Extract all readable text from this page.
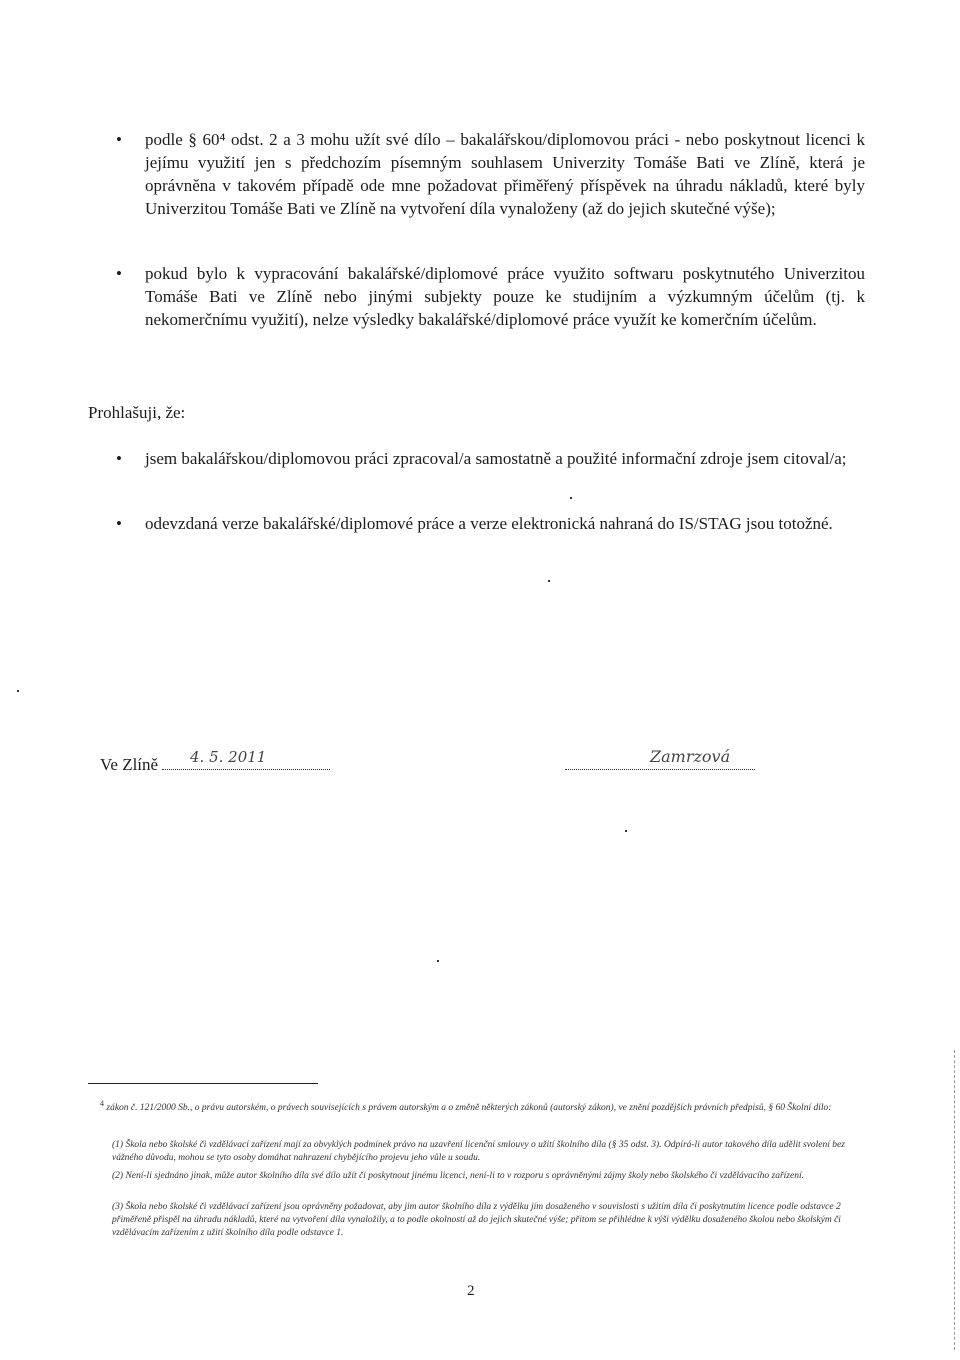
• podle § 60⁴ odst. 2 a 3 mohu užít své dílo – bakalářskou/diplomovou práci - nebo poskytnout licenci k jejímu využití jen s předchozím písemným souhlasem Univerzity Tomáše Bati ve Zlíně, která je oprávněna v takovém případě ode mne požadovat přiměřený příspěvek na úhradu nákladů, které byly Univerzitou Tomáše Bati ve Zlíně na vytvoření díla vynaloženy (až do jejich skutečné výše);
• pokud bylo k vypracování bakalářské/diplomové práce využito softwaru poskytnutého Univerzitou Tomáše Bati ve Zlíně nebo jinými subjekty pouze ke studijním a výzkumným účelům (tj. k nekomerčnímu využití), nelze výsledky bakalářské/diplomové práce využít ke komerčním účelům.
Prohlašuji, že:
• jsem bakalářskou/diplomovou práci zpracoval/a samostatně a použité informační zdroje jsem citoval/a;
• odevzdaná verze bakalářské/diplomové práce a verze elektronická nahraná do IS/STAG jsou totožné.
Ve Zlíně	4. 5. 2011	Zamrzová
$^4$ zákon č. 121/2000 Sb., o právu autorském, o právech souvisejících s právem autorským a o změně některých zákonů (autorský zákon), ve znění pozdějších právních předpisů, § 60 Školní dílo:
(1) Škola nebo školské či vzdělávací zařízení mají za obvyklých podmínek právo na uzavření licenční smlouvy o užití školního díla (§ 35 odst. 3). Odpírá-li autor takového díla udělit svolení bez vážného důvodu, mohou se tyto osoby domáhat nahrazení chybějícího projevu jeho vůle u soudu.
(2) Není-li sjednáno jinak, může autor školního díla své dílo užít či poskytnout jinému licenci, není-li to v rozporu s oprávněnými zájmy školy nebo školského či vzdělávacího zařízení.
(3) Škola nebo školské či vzdělávací zařízení jsou oprávněny požadovat, aby jim autor školního díla z výdělku jím dosaženého v souvislosti s užitím díla či poskytnutím licence podle odstavce 2 přiměřeně přispěl na úhradu nákladů, které na vytvoření díla vynaložily, a to podle okolností až do jejich skutečné výše; přitom se přihlédne k výši výdělku dosaženého školou nebo školským či vzdělávacím zařízením z užití školního díla podle odstavce 1.
2
